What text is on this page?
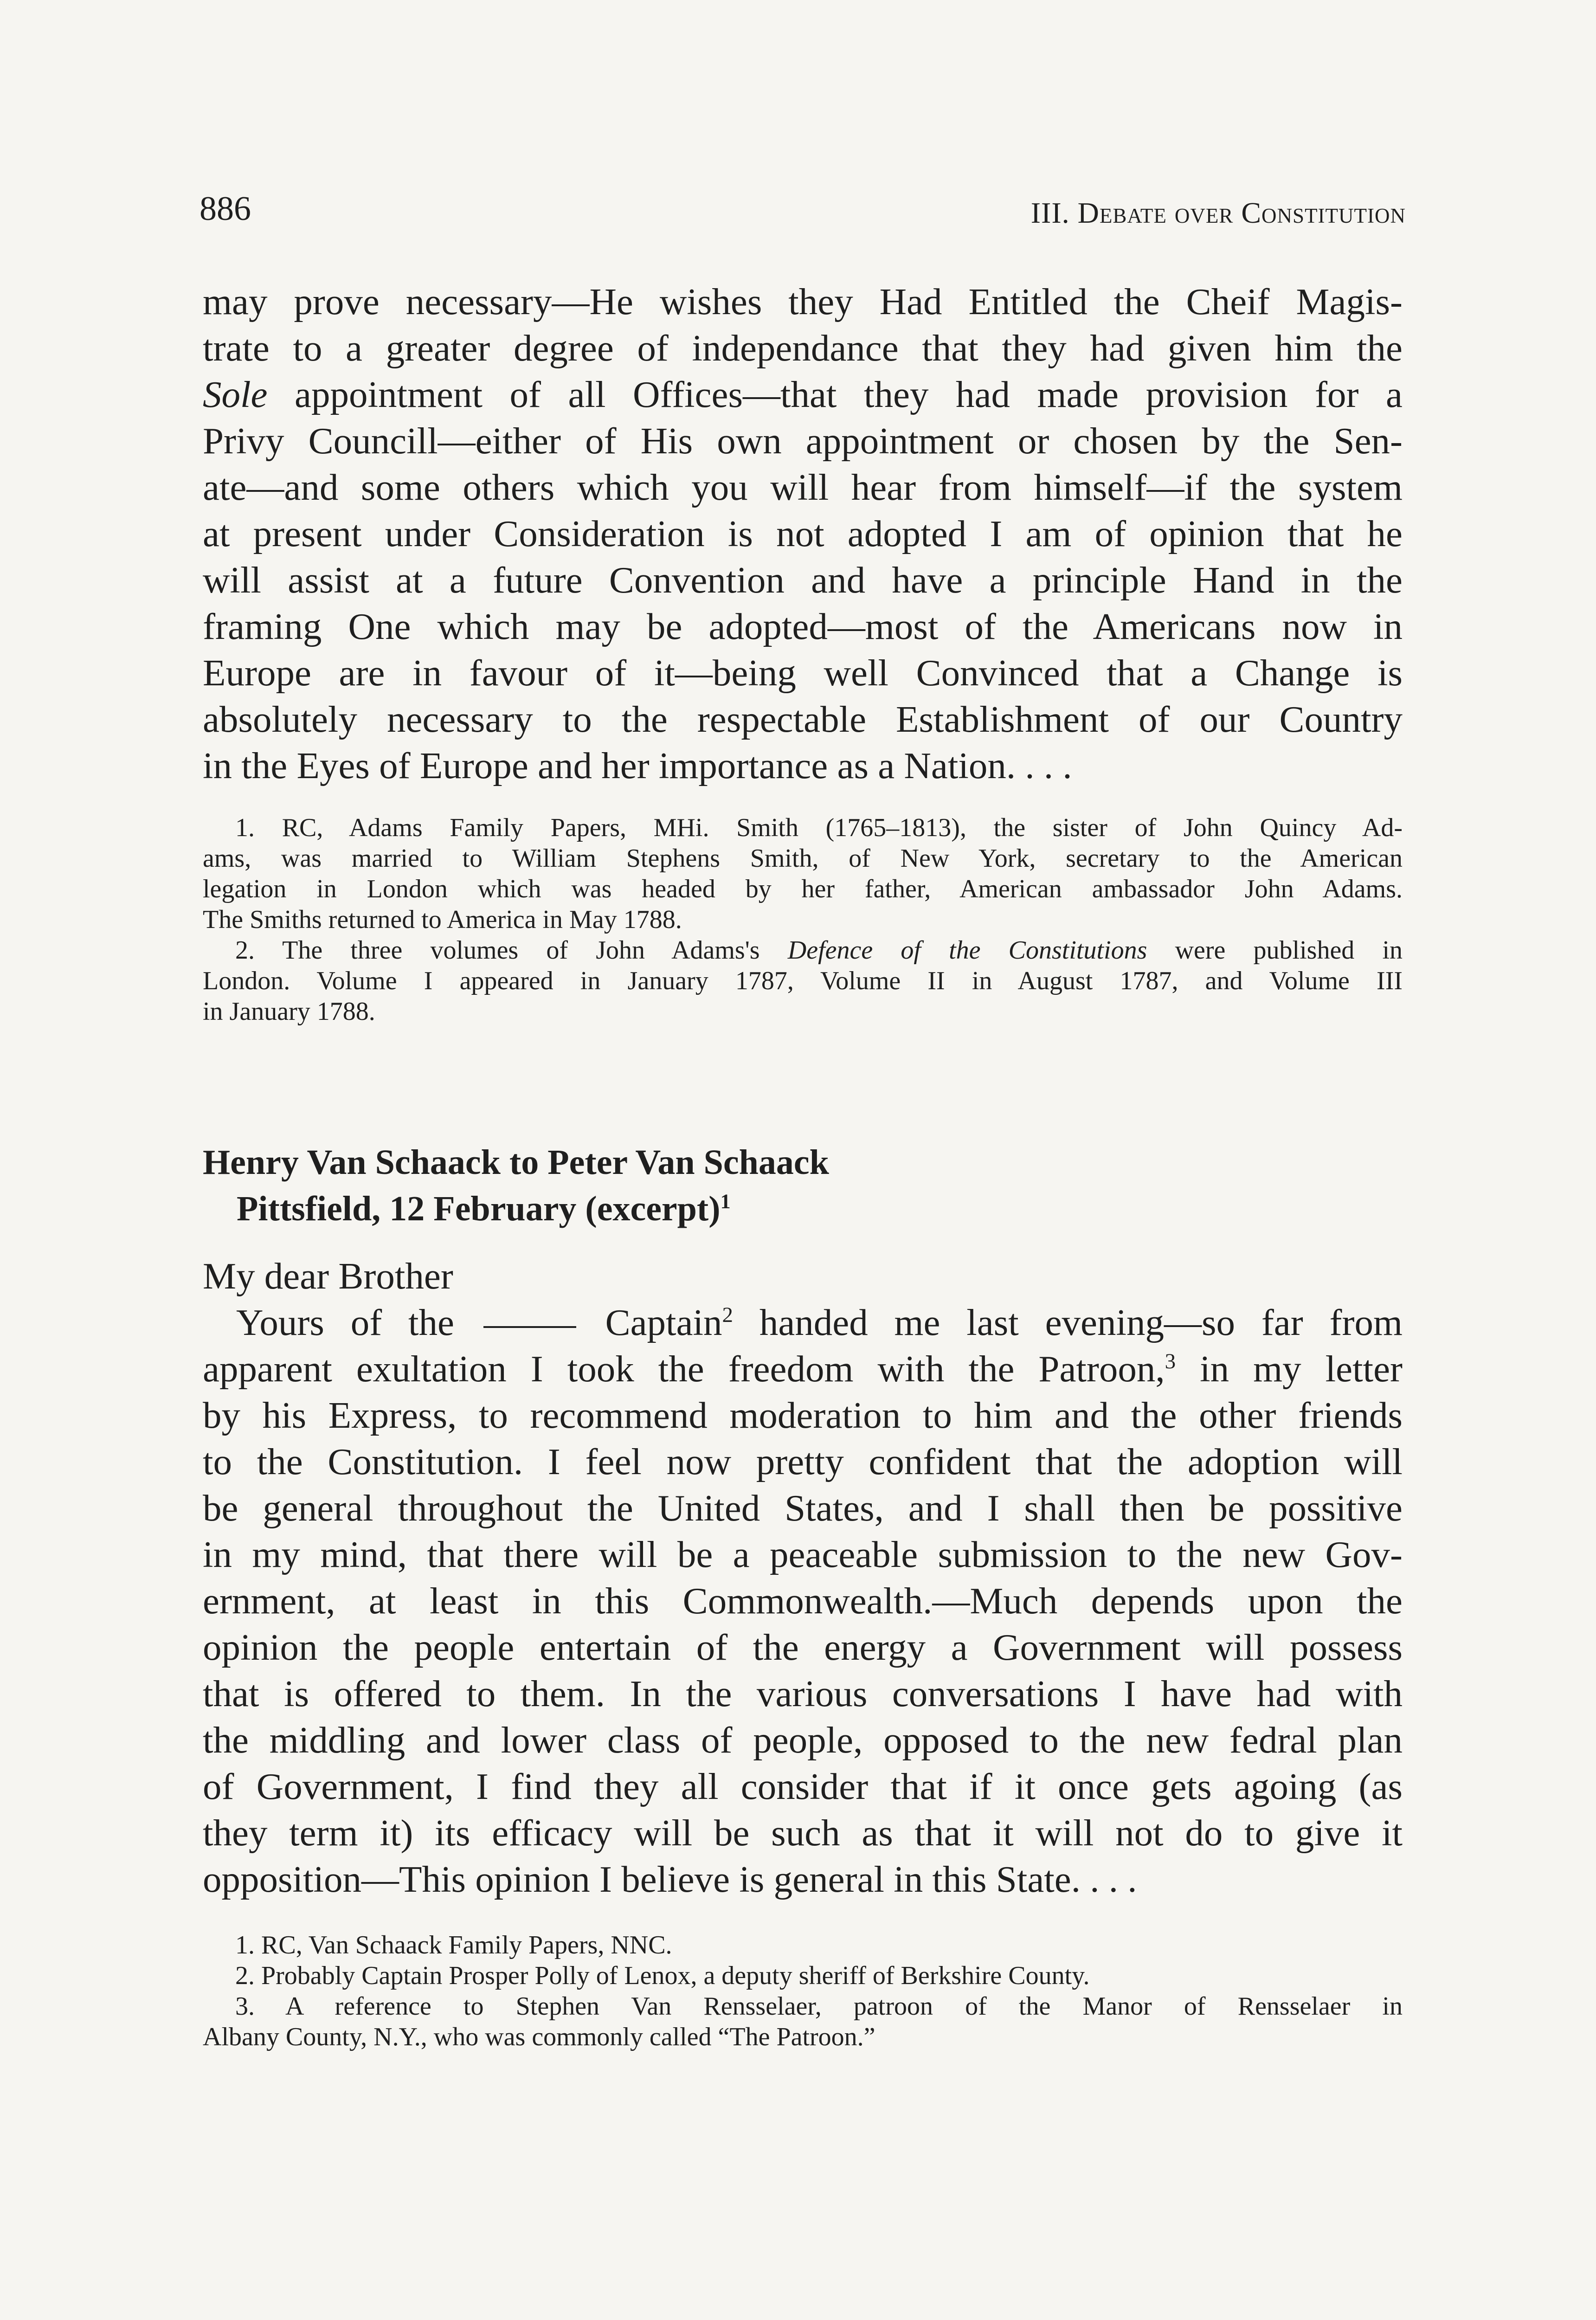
886	III. Debate over Constitution

may prove necessary—He wishes they Had Entitled the Cheif Magis-

trate to a greater degree of independance that they had given him the

Sole appointment of all Offices—that they had made provision for a

Privy Councill—either of His own appointment or chosen by the Sen-

ate—and some others which you will hear from himself—if the system

at present under Consideration is not adopted I am of opinion that he

will assist at a future Convention and have a principle Hand in the

framing One which may be adopted—most of the Americans now in

Europe are in favour of it—being well Convinced that a Change is

absolutely necessary to the respectable Establishment of our Country

in the Eyes of Europe and her importance as a Nation. . . .

1. RC, Adams Family Papers, MHi. Smith (1765–1813), the sister of John Quincy Ad-

ams, was married to William Stephens Smith, of New York, secretary to the American

legation in London which was headed by her father, American ambassador John Adams.

The Smiths returned to America in May 1788.

2. The three volumes of John Adams's Defence of the Constitutions were published in

London. Volume I appeared in January 1787, Volume II in August 1787, and Volume III

in January 1788.

Henry Van Schaack to Peter Van Schaack

Pittsfield, 12 February (excerpt)$^1$

My dear Brother

Yours of the	Captain$^2$ handed me last evening—so far from

apparent exultation I took the freedom with the Patroon,$^3$ in my letter

by his Express, to recommend moderation to him and the other friends

to the Constitution. I feel now pretty confident that the adoption will

be general throughout the United States, and I shall then be possitive

in my mind, that there will be a peaceable submission to the new Gov-

ernment, at least in this Commonwealth.—Much depends upon the

opinion the people entertain of the energy a Government will possess

that is offered to them. In the various conversations I have had with

the middling and lower class of people, opposed to the new fedral plan

of Government, I find they all consider that if it once gets agoing (as

they term it) its efficacy will be such as that it will not do to give it

opposition—This opinion I believe is general in this State. . . .

1. RC, Van Schaack Family Papers, NNC.

2. Probably Captain Prosper Polly of Lenox, a deputy sheriff of Berkshire County.

3. A reference to Stephen Van Rensselaer, patroon of the Manor of Rensselaer in

Albany County, N.Y., who was commonly called “The Patroon.”
